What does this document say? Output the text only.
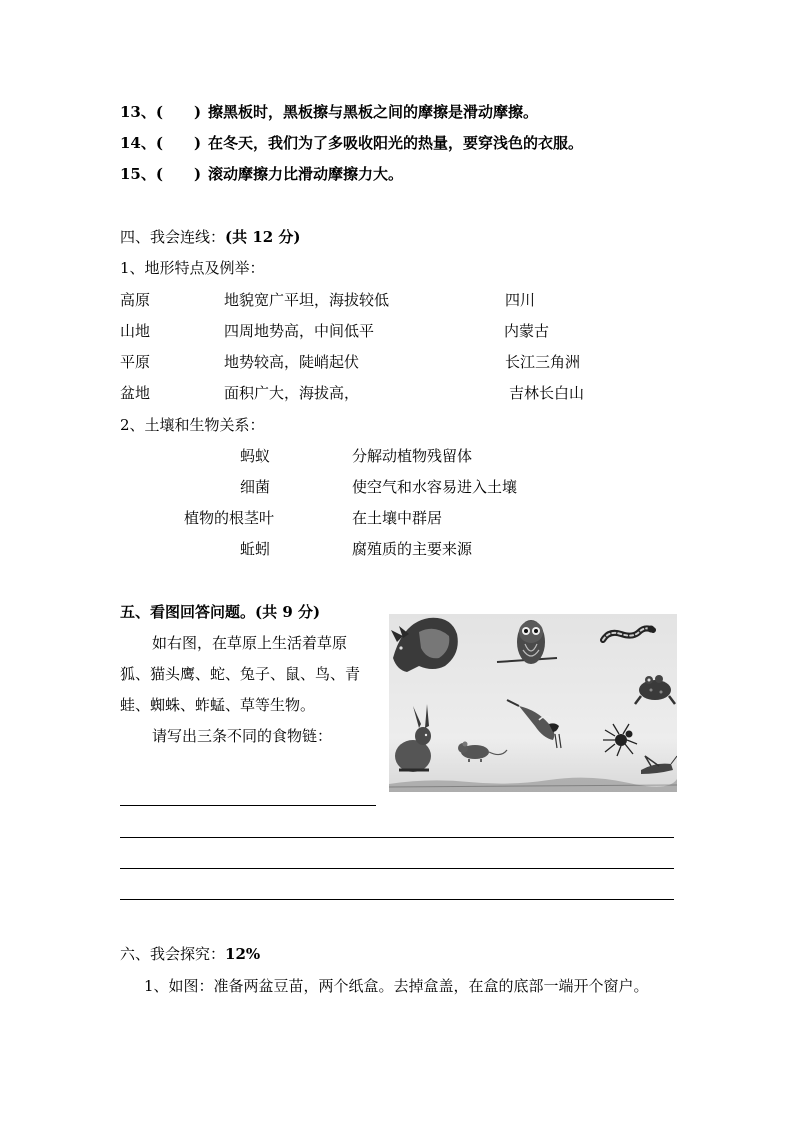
13、( ) 擦黑板时，黑板擦与黑板之间的摩擦是滑动摩擦。
14、( ) 在冬天，我们为了多吸收阳光的热量，要穿浅色的衣服。
15、( ) 滚动摩擦力比滑动摩擦力大。
四、我会连线：(共 12 分)
1、地形特点及例举：
高原	地貌宽广平坦，海拔较低	四川
山地	四周地势高，中间低平	内蒙古
平原	地势较高，陡峭起伏	长江三角洲
盆地	面积广大，海拔高，	吉林长白山
2、土壤和生物关系：
蚂蚁	分解动植物残留体
细菌	使空气和水容易进入土壤
植物的根茎叶	在土壤中群居
蚯蚓	腐殖质的主要来源
五、看图回答问题。(共 9 分)
如右图，在草原上生活着草原
狐、猫头鹰、蛇、兔子、鼠、鸟、青
蛙、蜘蛛、蚱蜢、草等生物。
请写出三条不同的食物链：
六、我会探究：12%
1、如图：准备两盆豆苗，两个纸盒。去掉盒盖，在盒的底部一端开个窗户。
